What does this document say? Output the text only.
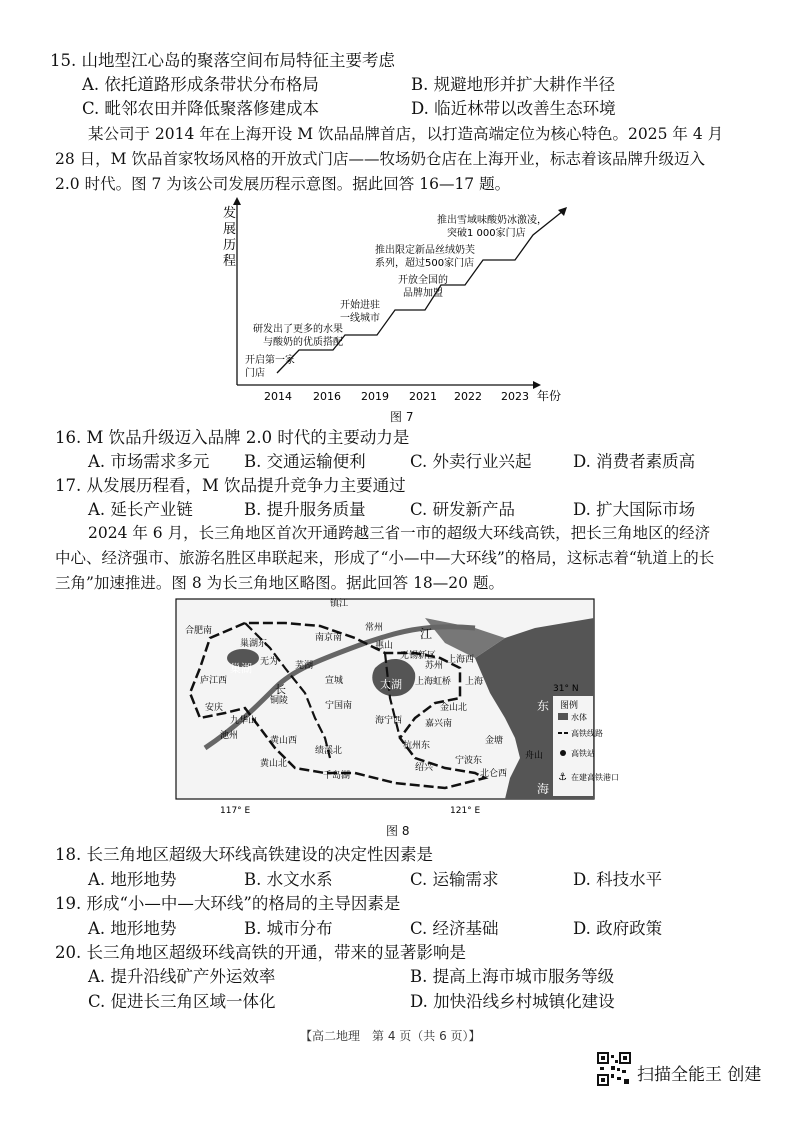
15. 山地型江心岛的聚落空间布局特征主要考虑
A. 依托道路形成条带状分布格局	B. 规避地形并扩大耕作半径
C. 毗邻农田并降低聚落修建成本	D. 临近林带以改善生态环境
某公司于 2014 年在上海开设 M 饮品品牌首店，以打造高端定位为核心特色。2025 年 4 月
28 日，M 饮品首家牧场风格的开放式门店——牧场奶仓店在上海开业，标志着该品牌升级迈入
2.0 时代。图 7 为该公司发展历程示意图。据此回答 16—17 题。
发
展
历
程
年份
2014 2016 2019 2021 2022 2023
开启第一家
门店
研发出了更多的水果
与酸奶的优质搭配
开始进驻
一线城市
开放全国的
品牌加盟
推出限定新品丝绒奶芙
系列，超过500家门店
推出雪域味酸奶冰激凌，
突破1 000家门店
图 7
16. M 饮品升级迈入品牌 2.0 时代的主要动力是
A. 市场需求多元 B. 交通运输便利	C. 外卖行业兴起	D. 消费者素质高
17. 从发展历程看，M 饮品提升竞争力主要通过
A. 延长产业链	B. 提升服务质量	C. 研发新产品	D. 扩大国际市场
2024 年 6 月，长三角地区首次开通跨越三省一市的超级大环线高铁，把长三角地区的经济
中心、经济强市、旅游名胜区串联起来，形成了“小—中—大环线”的格局，这标志着“轨道上的长
三角”加速推进。图 8 为长三角地区略图。据此回答 18—20 题。
镇江
合肥南
巢湖东
南京南
常州
无为 芜湖
惠山
无锡新区
苏州
上海西
庐江西	宣城	上海虹桥 上海
铜陵	宁国南	金山北
安庆
九华山	海宁西	嘉兴南
池州	黄山西
绩溪北	杭州东
黄山北
千岛湖
绍兴
宁波东
金塘
舟山
北仑西
巢湖
太湖
长
江
东
海
31° N
图例
水体
高铁线路
高铁站
⚓ 在建高铁港口
117° E	121° E
图 8
18. 长三角地区超级大环线高铁建设的决定性因素是
A. 地形地势	B. 水文水系	C. 运输需求	D. 科技水平
19. 形成“小—中—大环线”的格局的主导因素是
A. 地形地势	B. 城市分布	C. 经济基础	D. 政府政策
20. 长三角地区超级环线高铁的开通，带来的显著影响是
A. 提升沿线矿产外运效率	B. 提高上海市城市服务等级
C. 促进长三角区域一体化	D. 加快沿线乡村城镇化建设
【高二地理　第 4 页（共 6 页）】
扫描全能王 创建
